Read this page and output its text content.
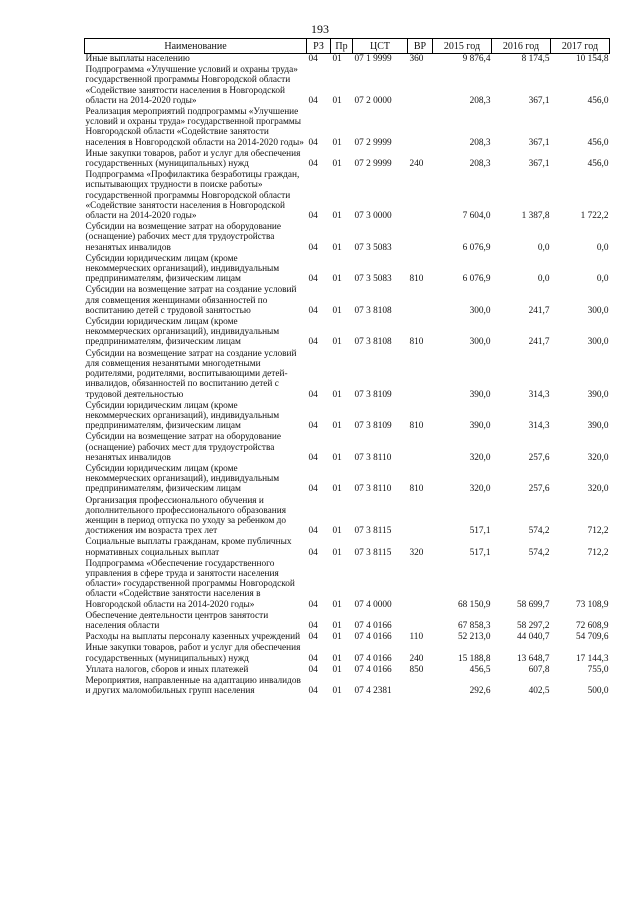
193
Наименование	РЗ	Пр	ЦСТ	ВР	2015 год	2016 год	2017 год
Иные выплаты населению	04	01	07 1 9999	360	9 876,4	8 174,5	10 154,8
Подпрограмма «Улучшение условий и охраны труда» государственной программы Новгородской области «Содействие занятости населения в Новгородской области на 2014-2020 годы»	04	01	07 2 0000		208,3	367,1	456,0
Реализация мероприятий подпрограммы «Улучшение условий и охраны труда» государственной программы Новгородской области «Содействие занятости населения в Новгородской области на 2014-2020 годы»	04	01	07 2 9999		208,3	367,1	456,0
Иные закупки товаров, работ и услуг для обеспечения государственных (муниципальных) нужд	04	01	07 2 9999	240	208,3	367,1	456,0
Подпрограмма «Профилактика безработицы граждан, испытывающих трудности в поиске работы» государственной программы Новгородской области «Содействие занятости населения в Новгородской области на 2014-2020 годы»	04	01	07 3 0000		7 604,0	1 387,8	1 722,2
Субсидии на возмещение затрат на оборудование (оснащение) рабочих мест для трудоустройства незанятых инвалидов	04	01	07 3 5083		6 076,9	0,0	0,0
Субсидии юридическим лицам (кроме некоммерческих организаций), индивидуальным предпринимателям, физическим лицам	04	01	07 3 5083	810	6 076,9	0,0	0,0
Субсидии на возмещение затрат на создание условий для совмещения женщинами обязанностей по воспитанию детей с трудовой занятостью	04	01	07 3 8108		300,0	241,7	300,0
Субсидии юридическим лицам (кроме некоммерческих организаций), индивидуальным предпринимателям, физическим лицам	04	01	07 3 8108	810	300,0	241,7	300,0
Субсидии на возмещение затрат на создание условий для совмещения незанятыми многодетными родителями, родителями, воспитывающими детей-инвалидов, обязанностей по воспитанию детей с трудовой деятельностью	04	01	07 3 8109		390,0	314,3	390,0
Субсидии юридическим лицам (кроме некоммерческих организаций), индивидуальным предпринимателям, физическим лицам	04	01	07 3 8109	810	390,0	314,3	390,0
Субсидии на возмещение затрат на оборудование (оснащение) рабочих мест для трудоустройства незанятых инвалидов	04	01	07 3 8110		320,0	257,6	320,0
Субсидии юридическим лицам (кроме некоммерческих организаций), индивидуальным предпринимателям, физическим лицам	04	01	07 3 8110	810	320,0	257,6	320,0
Организация профессионального обучения и дополнительного профессионального образования женщин в период отпуска по уходу за ребенком до достижения им возраста трех лет	04	01	07 3 8115		517,1	574,2	712,2
Социальные выплаты гражданам, кроме публичных нормативных социальных выплат	04	01	07 3 8115	320	517,1	574,2	712,2
Подпрограмма «Обеспечение государственного управления в сфере труда и занятости населения области» государственной программы Новгородской области «Содействие занятости населения в Новгородской области на 2014-2020 годы»	04	01	07 4 0000		68 150,9	58 699,7	73 108,9
Обеспечение деятельности центров занятости населения области	04	01	07 4 0166		67 858,3	58 297,2	72 608,9
Расходы на выплаты персоналу казенных учреждений	04	01	07 4 0166	110	52 213,0	44 040,7	54 709,6
Иные закупки товаров, работ и услуг для обеспечения государственных (муниципальных) нужд	04	01	07 4 0166	240	15 188,8	13 648,7	17 144,3
Уплата налогов, сборов и иных платежей	04	01	07 4 0166	850	456,5	607,8	755,0
Мероприятия, направленные на адаптацию инвалидов и других маломобильных групп населения	04	01	07 4 2381		292,6	402,5	500,0
